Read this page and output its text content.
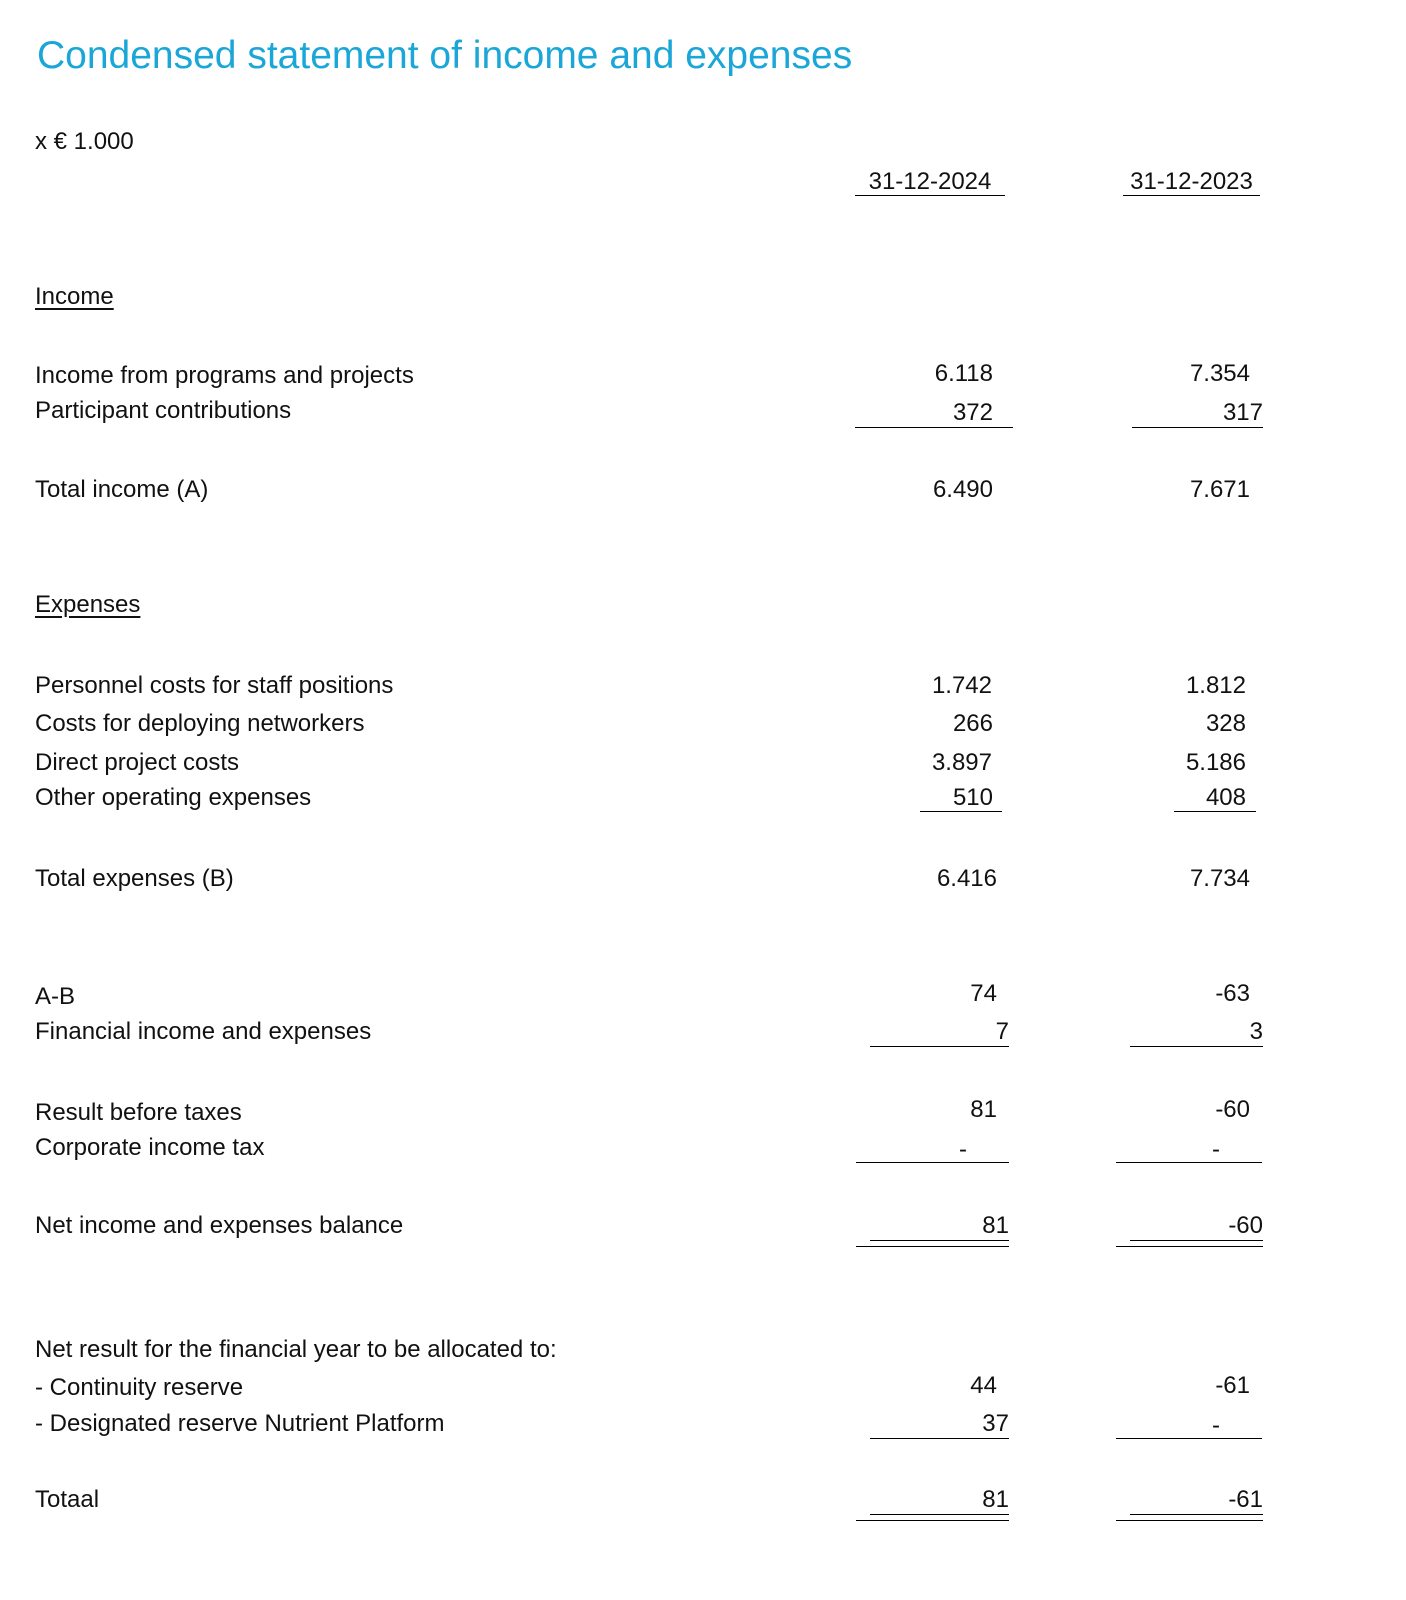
Condensed statement of income and expenses
x € 1.000
31-12-2024	31-12-2023
Income
Income from programs and projects	6.118	7.354
Participant contributions	372	317
Total income (A)	6.490	7.671
Expenses
Personnel costs for staff positions	1.742	1.812
Costs for deploying networkers	266	328
Direct project costs	3.897	5.186
Other operating expenses	510	408
Total expenses (B)	6.416	7.734
A-B	74	-63
Financial income and expenses	7	3
Result before taxes	81	-60
Corporate income tax	-	-
Net income and expenses balance	81	-60
Net result for the financial year to be allocated to:
- Continuity reserve	44	-61
- Designated reserve Nutrient Platform	37	-
Totaal	81	-61
